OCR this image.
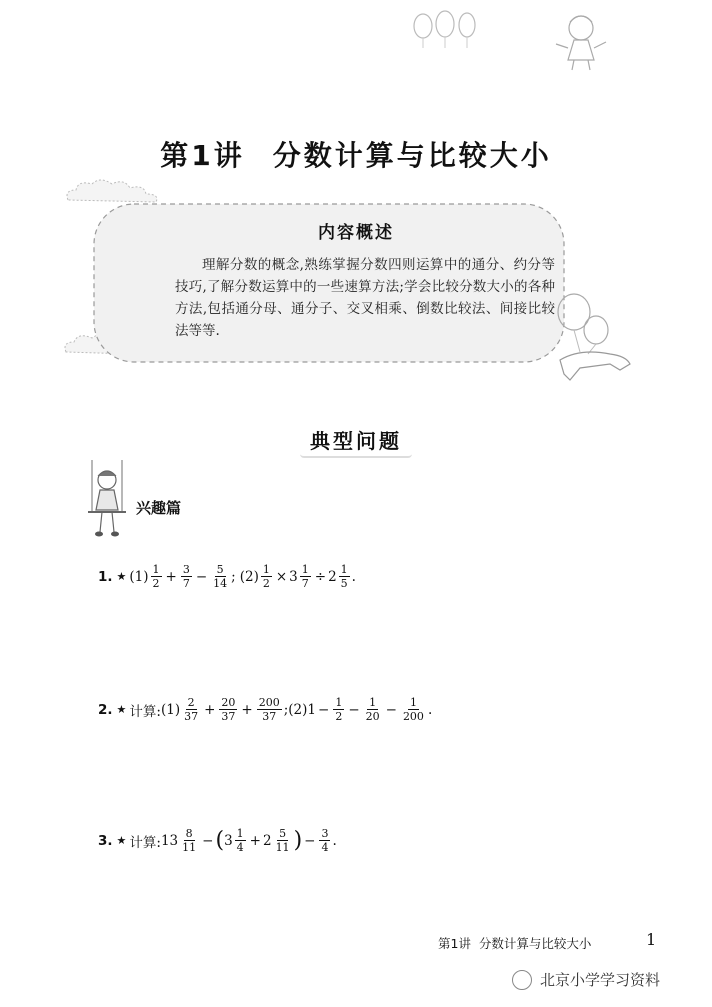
第1讲 分数计算与比较大小
内容概述
理解分数的概念,熟练掌握分数四则运算中的通分、约分等技巧,了解分数运算中的一些速算方法;学会比较分数大小的各种方法,包括通分母、通分子、交叉相乘、倒数比较法、间接比较法等等.
典型问题
兴趣篇
1. ★ $(1) \frac{1}{2} + \frac{3}{7} - \frac{5}{14}$ ; $(2) \frac{1}{2} \times 3 \frac{1}{7} \div 2 \frac{1}{5}$ .
2. ★ 计算: $(1) \frac{2}{37} + \frac{20}{37} + \frac{200}{37}$ ; $(2)1 - \frac{1}{2} - \frac{1}{20} - \frac{1}{200}$ .
3. ★ 计算: $13 \frac{8}{11}$ − ( $3 \frac{1}{4} + 2 \frac{5}{11}$ ) − $\frac{3}{4}$ .
第1讲  分数计算与比较大小	1
北京小学学习资料
